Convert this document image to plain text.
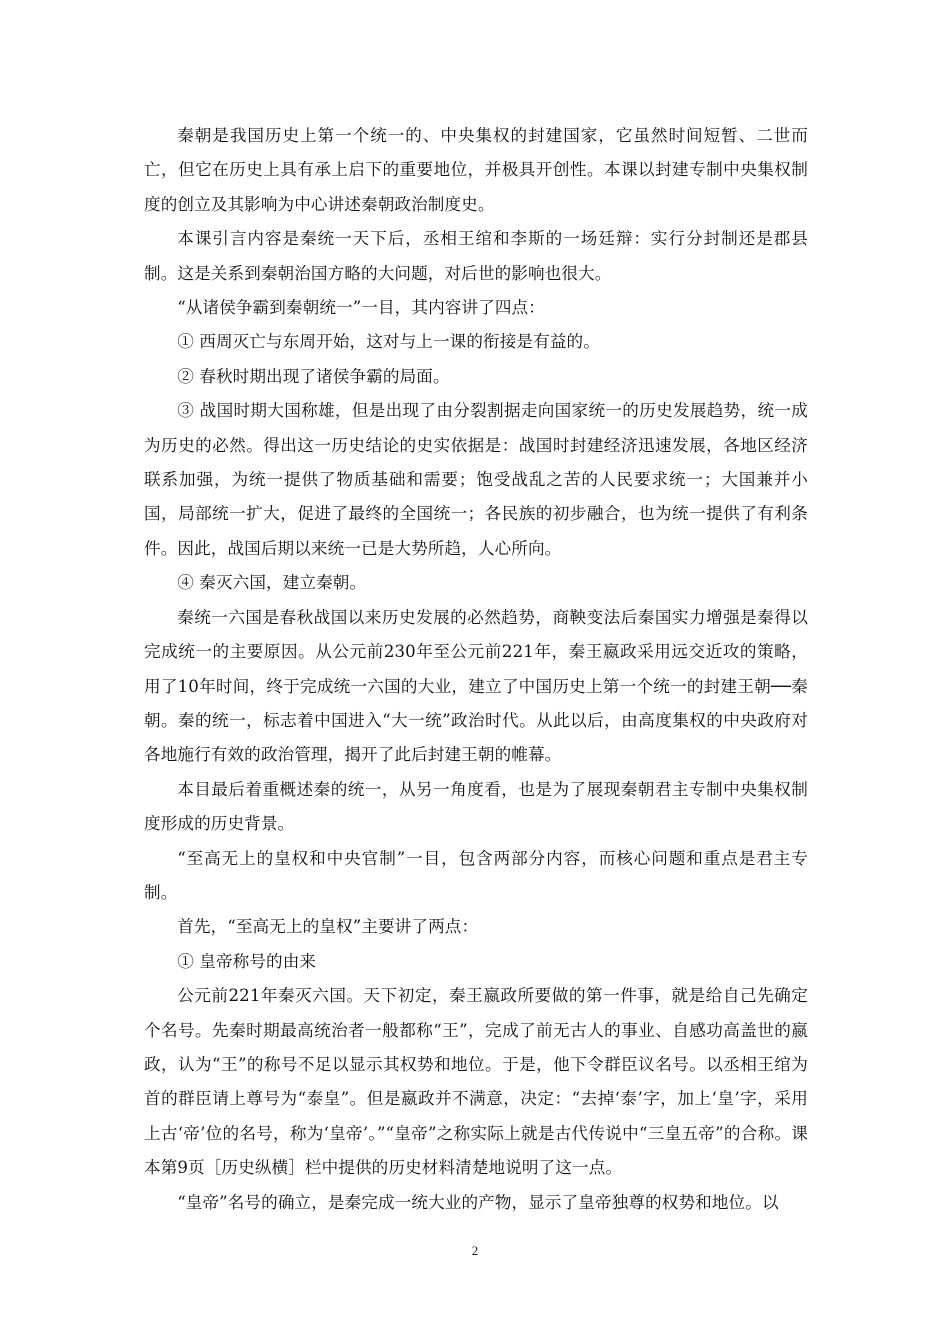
秦朝是我国历史上第一个统一的、中央集权的封建国家，它虽然时间短暂、二世而亡，但它在历史上具有承上启下的重要地位，并极具开创性。本课以封建专制中央集权制度的创立及其影响为中心讲述秦朝政治制度史。

本课引言内容是秦统一天下后，丞相王绾和李斯的一场廷辩：实行分封制还是郡县制。这是关系到秦朝治国方略的大问题，对后世的影响也很大。

“从诸侯争霸到秦朝统一”一目，其内容讲了四点：

① 西周灭亡与东周开始，这对与上一课的衔接是有益的。

② 春秋时期出现了诸侯争霸的局面。

③ 战国时期大国称雄，但是出现了由分裂割据走向国家统一的历史发展趋势，统一成为历史的必然。得出这一历史结论的史实依据是：战国时封建经济迅速发展，各地区经济联系加强，为统一提供了物质基础和需要；饱受战乱之苦的人民要求统一；大国兼并小国，局部统一扩大，促进了最终的全国统一；各民族的初步融合，也为统一提供了有利条件。因此，战国后期以来统一已是大势所趋，人心所向。

④ 秦灭六国，建立秦朝。

秦统一六国是春秋战国以来历史发展的必然趋势，商鞅变法后秦国实力增强是秦得以完成统一的主要原因。从公元前230年至公元前221年，秦王嬴政采用远交近攻的策略，用了10年时间，终于完成统一六国的大业，建立了中国历史上第一个统一的封建王朝──秦朝。秦的统一，标志着中国进入“大一统”政治时代。从此以后，由高度集权的中央政府对各地施行有效的政治管理，揭开了此后封建王朝的帷幕。

本目最后着重概述秦的统一，从另一角度看，也是为了展现秦朝君主专制中央集权制度形成的历史背景。

“至高无上的皇权和中央官制”一目，包含两部分内容，而核心问题和重点是君主专制。

首先，“至高无上的皇权”主要讲了两点：

① 皇帝称号的由来

公元前221年秦灭六国。天下初定，秦王嬴政所要做的第一件事，就是给自己先确定个名号。先秦时期最高统治者一般都称“王”，完成了前无古人的事业、自感功高盖世的嬴政，认为“王”的称号不足以显示其权势和地位。于是，他下令群臣议名号。以丞相王绾为首的群臣请上尊号为“泰皇”。但是嬴政并不满意，决定：“去掉‘泰’字，加上‘皇’字，采用上古‘帝’位的名号，称为‘皇帝’。”“皇帝”之称实际上就是古代传说中“三皇五帝”的合称。课本第9页［历史纵横］栏中提供的历史材料清楚地说明了这一点。

“皇帝”名号的确立，是秦完成一统大业的产物，显示了皇帝独尊的权势和地位。以

2
